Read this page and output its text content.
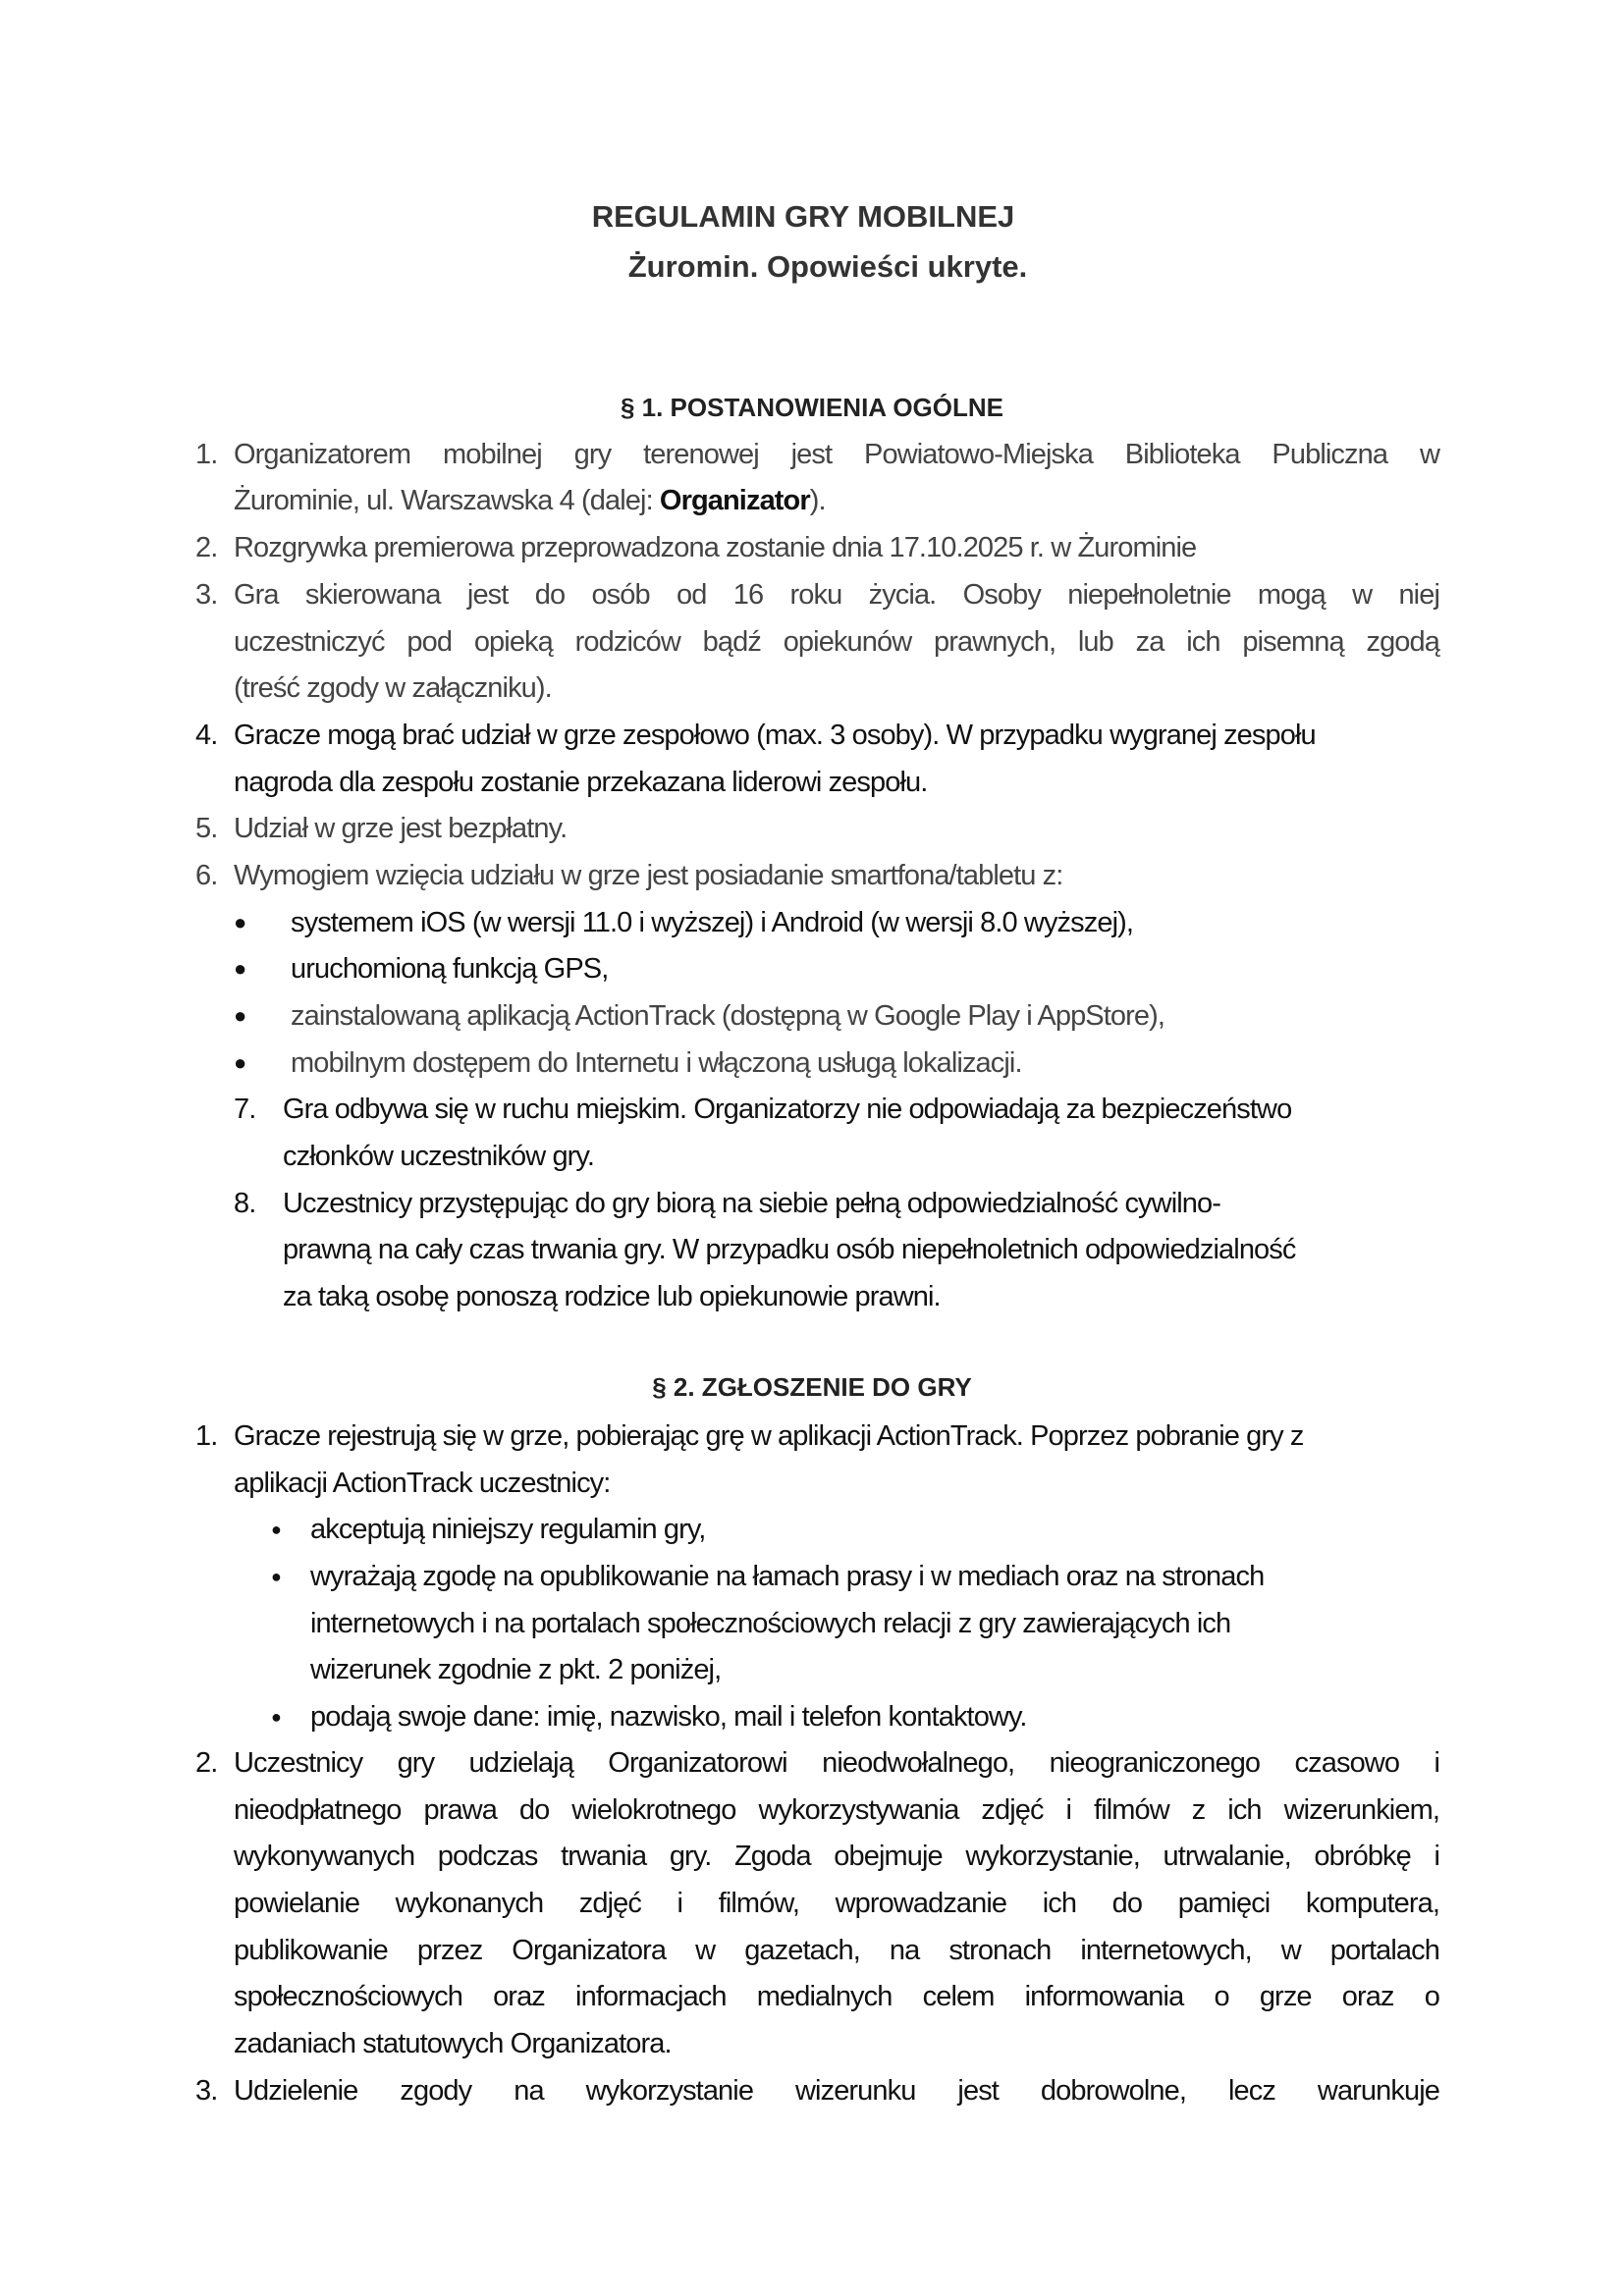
REGULAMIN GRY MOBILNEJ
Żuromin. Opowieści ukryte.
§ 1. POSTANOWIENIA OGÓLNE
1. Organizatorem mobilnej gry terenowej jest Powiatowo-Miejska Biblioteka Publiczna w
Żurominie, ul. Warszawska 4 (dalej: Organizator).
2. Rozgrywka premierowa przeprowadzona zostanie dnia 17.10.2025 r. w Żurominie
3. Gra skierowana jest do osób od 16 roku życia. Osoby niepełnoletnie mogą w niej
uczestniczyć pod opieką rodziców bądź opiekunów prawnych, lub za ich pisemną zgodą
(treść zgody w załączniku).
4. Gracze mogą brać udział w grze zespołowo (max. 3 osoby). W przypadku wygranej zespołu
nagroda dla zespołu zostanie przekazana liderowi zespołu.
5. Udział w grze jest bezpłatny.
6. Wymogiem wzięcia udziału w grze jest posiadanie smartfona/tabletu z:
● systemem iOS (w wersji 11.0 i wyższej) i Android (w wersji 8.0 wyższej),
● uruchomioną funkcją GPS,
● zainstalowaną aplikacją ActionTrack (dostępną w Google Play i AppStore),
● mobilnym dostępem do Internetu i włączoną usługą lokalizacji.
7. Gra odbywa się w ruchu miejskim. Organizatorzy nie odpowiadają za bezpieczeństwo
członków uczestników gry.
8. Uczestnicy przystępując do gry biorą na siebie pełną odpowiedzialność cywilno-
prawną na cały czas trwania gry. W przypadku osób niepełnoletnich odpowiedzialność
za taką osobę ponoszą rodzice lub opiekunowie prawni.
§ 2. ZGŁOSZENIE DO GRY
1. Gracze rejestrują się w grze, pobierając grę w aplikacji ActionTrack. Poprzez pobranie gry z
aplikacji ActionTrack uczestnicy:
● akceptują niniejszy regulamin gry,
● wyrażają zgodę na opublikowanie na łamach prasy i w mediach oraz na stronach
internetowych i na portalach społecznościowych relacji z gry zawierających ich
wizerunek zgodnie z pkt. 2 poniżej,
● podają swoje dane: imię, nazwisko, mail i telefon kontaktowy.
2. Uczestnicy gry udzielają Organizatorowi nieodwołalnego, nieograniczonego czasowo i
nieodpłatnego prawa do wielokrotnego wykorzystywania zdjęć i filmów z ich wizerunkiem,
wykonywanych podczas trwania gry. Zgoda obejmuje wykorzystanie, utrwalanie, obróbkę i
powielanie wykonanych zdjęć i filmów, wprowadzanie ich do pamięci komputera,
publikowanie przez Organizatora w gazetach, na stronach internetowych, w portalach
społecznościowych oraz informacjach medialnych celem informowania o grze oraz o
zadaniach statutowych Organizatora.
3. Udzielenie zgody na wykorzystanie wizerunku jest dobrowolne, lecz warunkuje
